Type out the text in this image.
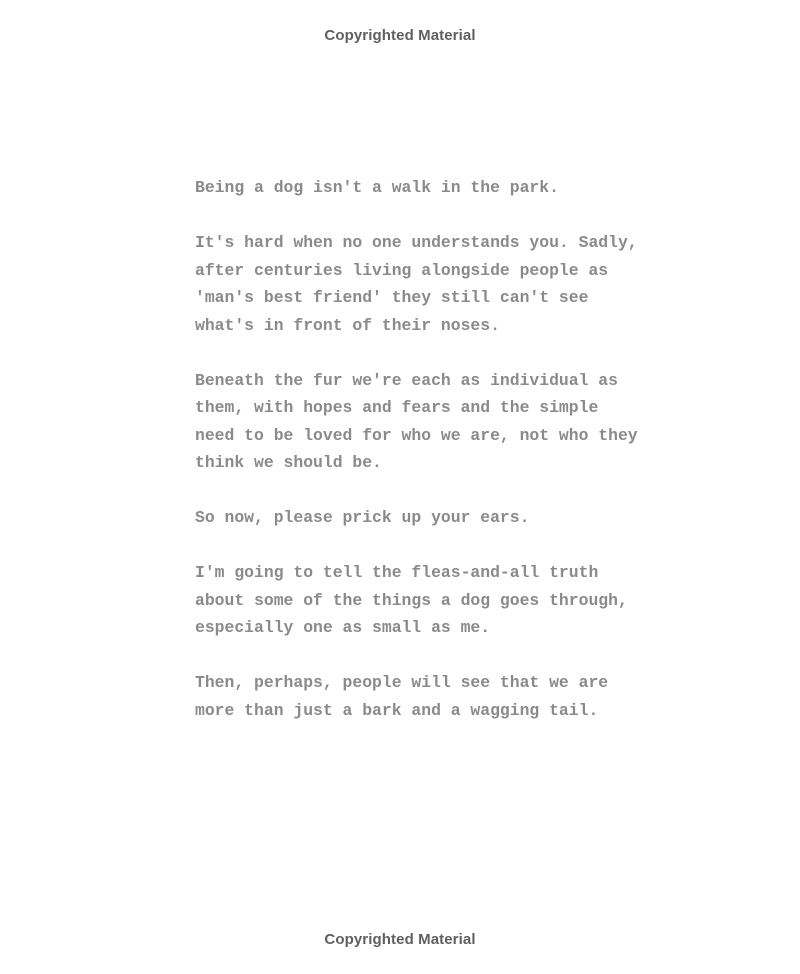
Copyrighted Material

Being a dog isn't a walk in the park.

It's hard when no one understands you. Sadly,
after centuries living alongside people as
'man's best friend' they still can't see
what's in front of their noses.

Beneath the fur we're each as individual as
them, with hopes and fears and the simple
need to be loved for who we are, not who they
think we should be.

So now, please prick up your ears.

I'm going to tell the fleas-and-all truth
about some of the things a dog goes through,
especially one as small as me.

Then, perhaps, people will see that we are
more than just a bark and a wagging tail.

Copyrighted Material
